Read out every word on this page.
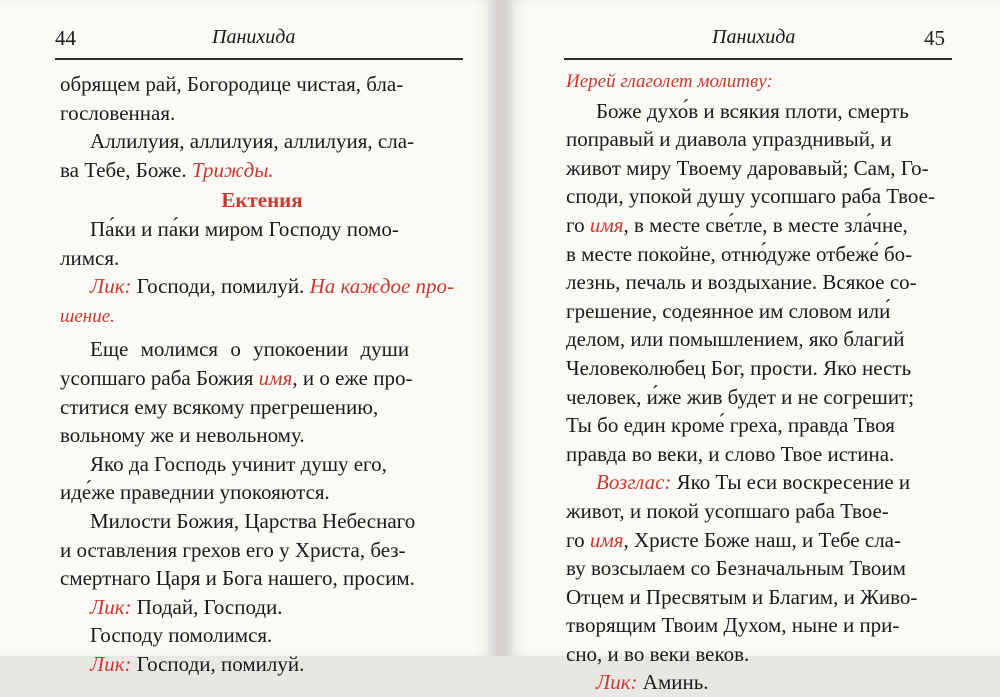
44	Панихида

обрящем рай, Богородице чистая, бла-

гословенная.

Аллилуия, аллилуия, аллилуия, сла-

ва Тебе, Боже. Трижды.

Ектения

Па́ки и па́ки миром Господу помо-

лимся.

Лик: Господи, помилуй. На каждое про-

шение.

Еще молимся о упокоении души

усопшаго раба Божия имя, и о еже про-

ститися ему всякому прегрешению,

вольному же и невольному.

Яко да Господь учинит душу его,

иде́же праведнии упокояются.

Милости Божия, Царства Небеснаго

и оставления грехов его у Христа, без-

смертнаго Царя и Бога нашего, просим.

Лик: Подай, Господи.

Господу помолимся.

Лик: Господи, помилуй.

Панихида	45

Иерей глаголет молитву:

Боже духо́в и всякия плоти, смерть

поправый и диавола упразднивый, и

живот миру Твоему даровавый; Сам, Го-

споди, упокой душу усопшаго раба Твое-

го имя, в месте све́тле, в месте зла́чне,

в месте покойне, отню́дуже отбеже́ бо-

лезнь, печаль и воздыхание. Всякое со-

грешение, содеянное им словом или́

делом, или помышлением, яко благий

Человеколюбец Бог, прости. Яко несть

человек, и́же жив будет и не согрешит;

Ты бо един кроме́ греха, правда Твоя

правда во веки, и слово Твое истина.

Возглас: Яко Ты еси воскресение и

живот, и покой усопшаго раба Твое-

го имя, Христе Боже наш, и Тебе сла-

ву возсылаем со Безначальным Твоим

Отцем и Пресвятым и Благим, и Живо-

творящим Твоим Духом, ныне и при-

сно, и во веки веков.

Лик: Аминь.
